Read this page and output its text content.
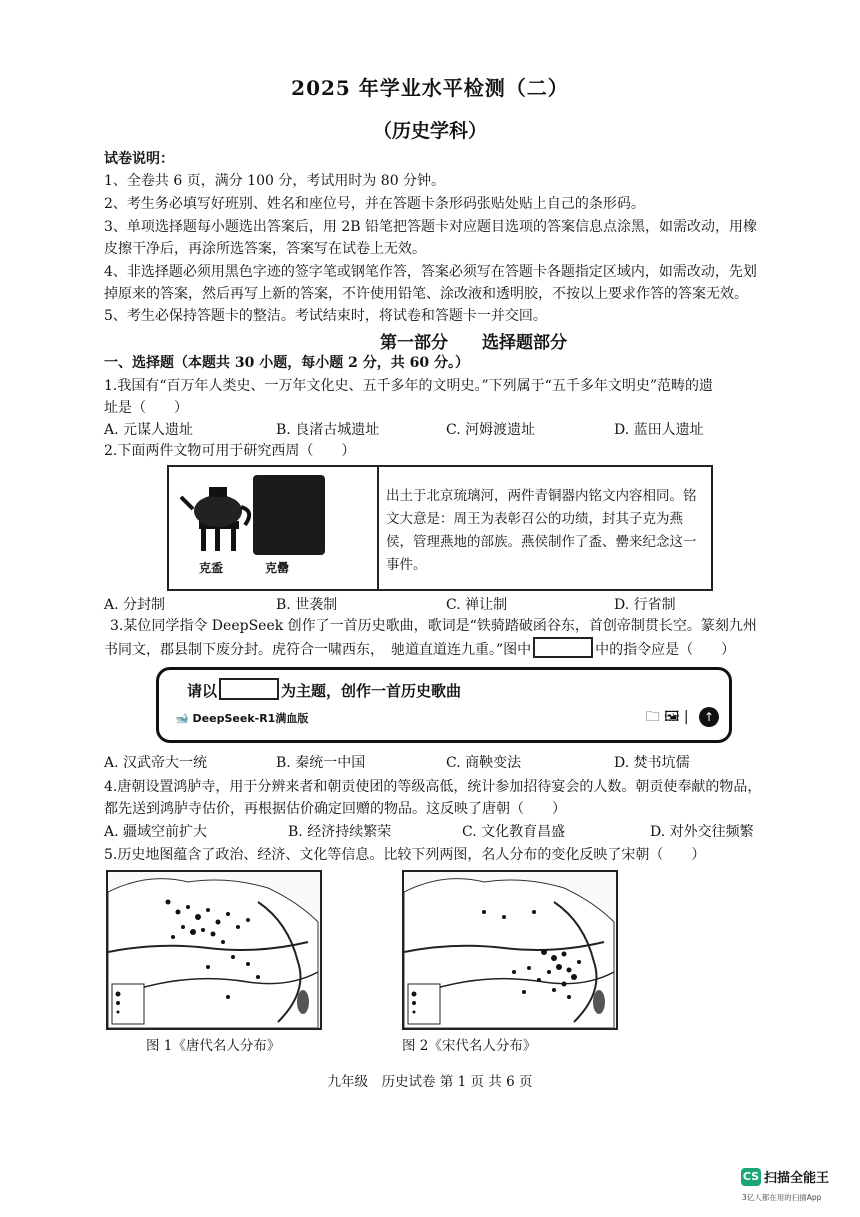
2025 年学业水平检测（二）
（历史学科）
试卷说明：
1、全卷共 6 页，满分 100 分，考试用时为 80 分钟。
2、考生务必填写好班别、姓名和座位号，并在答题卡条形码张贴处贴上自己的条形码。
3、单项选择题每小题选出答案后，用 2B 铅笔把答题卡对应题目选项的答案信息点涂黑，如需改动，用橡
皮擦干净后，再涂所选答案，答案写在试卷上无效。
4、非选择题必须用黑色字迹的签字笔或钢笔作答，答案必须写在答题卡各题指定区域内，如需改动，先划
掉原来的答案，然后再写上新的答案，不许使用铅笔、涂改液和透明胶，不按以上要求作答的答案无效。
5、考生必保持答题卡的整洁。考试结束时，将试卷和答题卡一并交回。
第一部分 选择题部分
一、选择题（本题共 30 小题，每小题 2 分，共 60 分。）
1.我国有“百万年人类史、一万年文化史、五千多年的文明史。”下列属于“五千多年文明史”范畴的遗
址是（　　）
A. 元谋人遗址	B. 良渚古城遗址	C. 河姆渡遗址	D. 蓝田人遗址
2.下面两件文物可用于研究西周（　　）
克盉	克罍
出土于北京琉璃河，两件青铜器内铭文内容相同。铭文大意是：周王为表彰召公的功绩，封其子克为燕侯，管理燕地的部族。燕侯制作了盉、罍来纪念这一事件。
A. 分封制	B. 世袭制	C. 禅让制	D. 行省制
3.某位同学指令 DeepSeek 创作了一首历史歌曲，歌词是“铁骑踏破函谷东，首创帝制贯长空。篆刻九州
书同文，郡县制下废分封。虎符合一啸西东，　驰道直道连九重。”图中	中的指令应是（　　）
请以	为主题，创作一首历史歌曲
🐋 DeepSeek-R1满血版	🗀 🖼 | ↑
A. 汉武帝大一统	B. 秦统一中国	C. 商鞅变法	D. 焚书坑儒
4.唐朝设置鸿胪寺，用于分辨来者和朝贡使团的等级高低，统计参加招待宴会的人数。朝贡使奉献的物品，
都先送到鸿胪寺估价，再根据估价确定回赠的物品。这反映了唐朝（　　）
A. 疆域空前扩大	B. 经济持续繁荣	C. 文化教育昌盛	D. 对外交往频繁
5.历史地图蕴含了政治、经济、文化等信息。比较下列两图，名人分布的变化反映了宋朝（　　）
图 1《唐代名人分布》	图 2《宋代名人分布》
九年级　历史试卷 第 1 页 共 6 页
CS 扫描全能王
3亿人都在用的扫描App
